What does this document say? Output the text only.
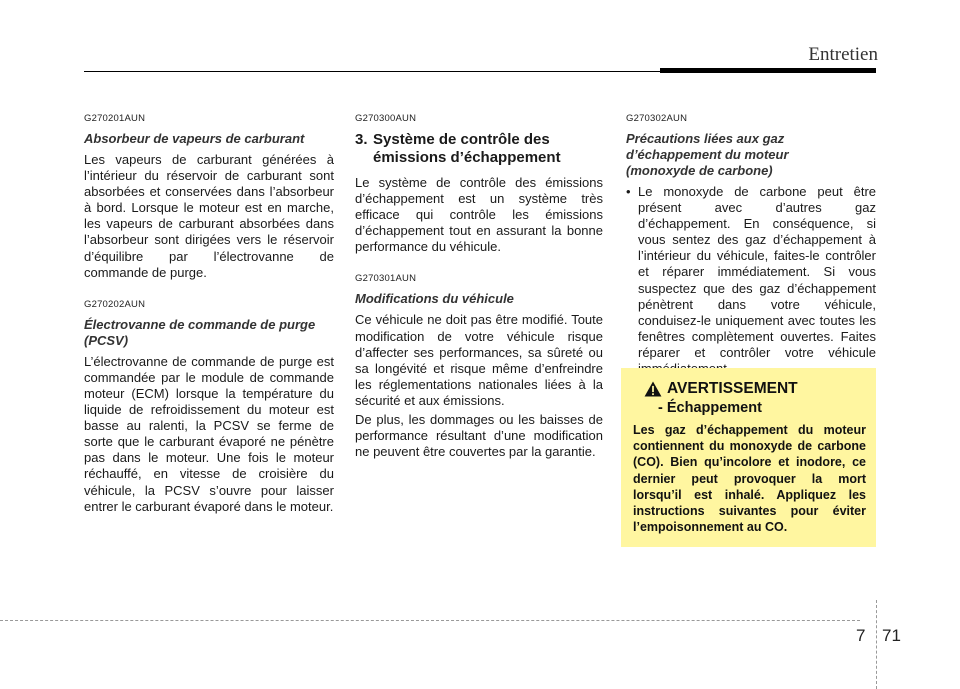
Entretien

G270201AUN

Absorbeur de vapeurs de carburant

Les vapeurs de carburant générées à l’intérieur du réservoir de carburant sont absorbées et conservées dans l’absorbeur à bord. Lorsque le moteur est en marche, les vapeurs de carburant absorbées dans l’absorbeur sont dirigées vers le réservoir d’équilibre par l’électrovanne de commande de purge.

G270202AUN

Électrovanne de commande de purge
(PCSV)

L’électrovanne de commande de purge est commandée par le module de commande moteur (ECM) lorsque la température du liquide de refroidissement du moteur est basse au ralenti, la PCSV se ferme de sorte que le carburant évaporé ne pénètre pas dans le moteur. Une fois le moteur réchauffé, en vitesse de croisière du véhicule, la PCSV s’ouvre pour laisser entrer le carburant évaporé dans le moteur.

G270300AUN

3. Système de contrôle des
émissions d’échappement

Le système de contrôle des émissions d’échappement est un système très efficace qui contrôle les émissions d’échappement tout en assurant la bonne performance du véhicule.

G270301AUN

Modifications du véhicule

Ce véhicule ne doit pas être modifié. Toute modification de votre véhicule risque d’affecter ses performances, sa sûreté ou sa longévité et risque même d’enfreindre les réglementations nationales liées à la sécurité et aux émissions.

De plus, les dommages ou les baisses de performance résultant d’une modification ne peuvent être couvertes par la garantie.

G270302AUN

Précautions liées aux gaz
d’échappement du moteur
(monoxyde de carbone)

• Le monoxyde de carbone peut être présent avec d’autres gaz d’échappement. En conséquence, si vous sentez des gaz d’échappement à l’intérieur du véhicule, faites-le contrôler et réparer immédiatement. Si vous suspectez que des gaz d’échappement pénètrent dans votre véhicule, conduisez-le uniquement avec toutes les fenêtres complètement ouvertes. Faites réparer et contrôler votre véhicule
AVERTISSEMENT
- Échappement

Les gaz d’échappement du moteur contiennent du monoxyde de carbone (CO). Bien qu’incolore et inodore, ce dernier peut provoquer la mort lorsqu’il est inhalé. Appliquez les instructions suivantes pour éviter l’empoisonnement au CO.

7 71
